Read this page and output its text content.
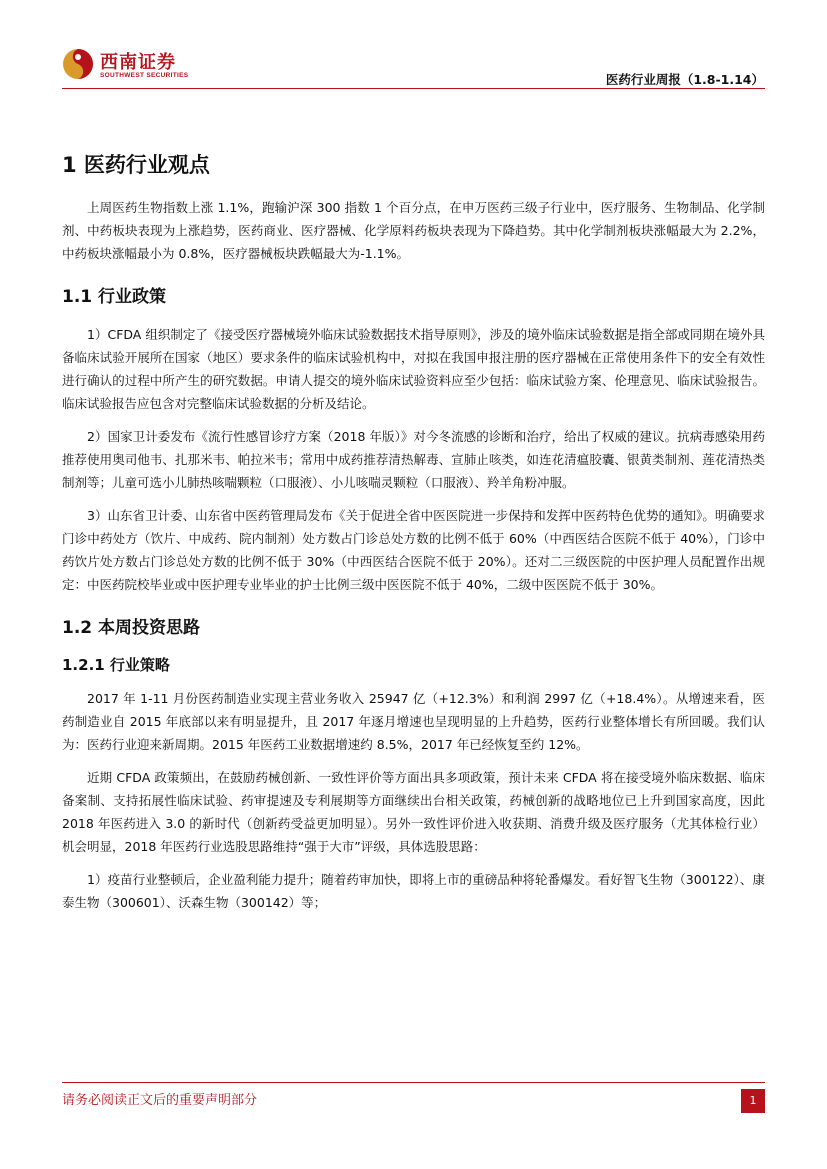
西南证券
SOUTHWEST SECURITIES	医药行业周报（1.8-1.14）
1 医药行业观点

上周医药生物指数上涨 1.1%，跑输沪深 300 指数 1 个百分点，在申万医药三级子行业中，医疗服务、生物制品、化学制剂、中药板块表现为上涨趋势，医药商业、医疗器械、化学原料药板块表现为下降趋势。其中化学制剂板块涨幅最大为 2.2%，中药板块涨幅最小为 0.8%，医疗器械板块跌幅最大为-1.1%。

1.1 行业政策

1）CFDA 组织制定了《接受医疗器械境外临床试验数据技术指导原则》，涉及的境外临床试验数据是指全部或同期在境外具备临床试验开展所在国家（地区）要求条件的临床试验机构中，对拟在我国申报注册的医疗器械在正常使用条件下的安全有效性进行确认的过程中所产生的研究数据。申请人提交的境外临床试验资料应至少包括：临床试验方案、伦理意见、临床试验报告。临床试验报告应包含对完整临床试验数据的分析及结论。

2）国家卫计委发布《流行性感冒诊疗方案（2018 年版）》对今冬流感的诊断和治疗，给出了权威的建议。抗病毒感染用药推荐使用奥司他韦、扎那米韦、帕拉米韦；常用中成药推荐清热解毒、宣肺止咳类，如连花清瘟胶囊、银黄类制剂、莲花清热类制剂等；儿童可选小儿肺热咳喘颗粒（口服液）、小儿咳喘灵颗粒（口服液）、羚羊角粉冲服。

3）山东省卫计委、山东省中医药管理局发布《关于促进全省中医医院进一步保持和发挥中医药特色优势的通知》。明确要求门诊中药处方（饮片、中成药、院内制剂）处方数占门诊总处方数的比例不低于 60%（中西医结合医院不低于 40%），门诊中药饮片处方数占门诊总处方数的比例不低于 30%（中西医结合医院不低于 20%）。还对二三级医院的中医护理人员配置作出规定：中医药院校毕业或中医护理专业毕业的护士比例三级中医医院不低于 40%，二级中医医院不低于 30%。

1.2 本周投资思路
1.2.1 行业策略

2017 年 1-11 月份医药制造业实现主营业务收入 25947 亿（+12.3%）和利润 2997 亿（+18.4%）。从增速来看，医药制造业自 2015 年底部以来有明显提升，且 2017 年逐月增速也呈现明显的上升趋势，医药行业整体增长有所回暖。我们认为：医药行业迎来新周期。2015 年医药工业数据增速约 8.5%，2017 年已经恢复至约 12%。

近期 CFDA 政策频出，在鼓励药械创新、一致性评价等方面出具多项政策，预计未来 CFDA 将在接受境外临床数据、临床备案制、支持拓展性临床试验、药审提速及专利展期等方面继续出台相关政策，药械创新的战略地位已上升到国家高度，因此 2018 年医药进入 3.0 的新时代（创新药受益更加明显）。另外一致性评价进入收获期、消费升级及医疗服务（尤其体检行业）机会明显，2018 年医药行业选股思路维持“强于大市”评级，具体选股思路：

1）疫苗行业整顿后，企业盈利能力提升；随着药审加快，即将上市的重磅品种将轮番爆发。看好智飞生物（300122）、康泰生物（300601）、沃森生物（300142）等；

请务必阅读正文后的重要声明部分	1
